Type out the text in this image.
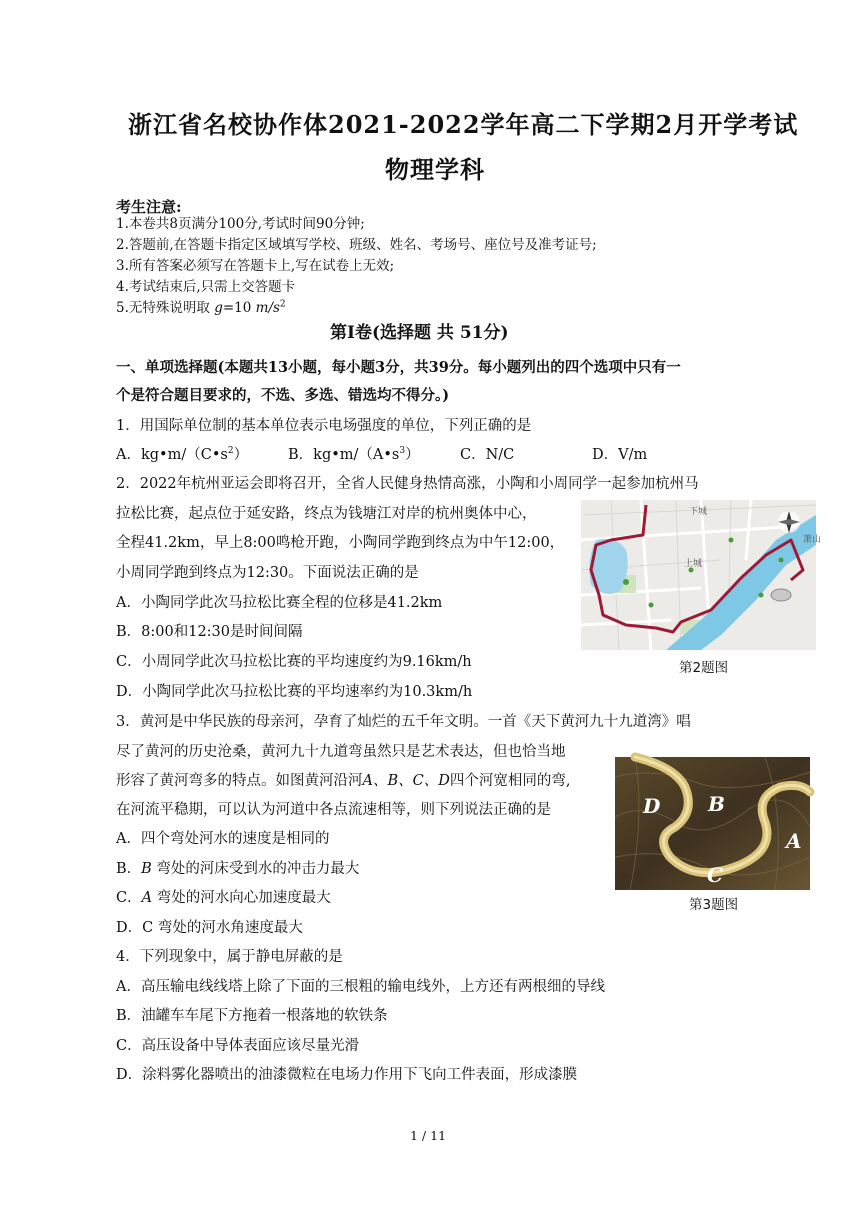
浙江省名校协作体2021-2022学年高二下学期2月开学考试
物理学科
考生注意:
1.本卷共8页满分100分,考试时间90分钟;
2.答题前,在答题卡指定区域填写学校、班级、姓名、考场号、座位号及准考证号;
3.所有答案必须写在答题卡上,写在试卷上无效;
4.考试结束后,只需上交答题卡
5.无特殊说明取 g=10 $m/s^2$
第Ⅰ卷(选择题 共 51分)
一、单项选择题(本题共13小题，每小题3分，共39分。每小题列出的四个选项中只有一
个是符合题目要求的，不选、多选、错选均不得分。)
1．用国际单位制的基本单位表示电场强度的单位，下列正确的是
A．$kg•m/(C•s^2)$	B．$kg•m/(A•s^3)$	C．N/C	D．V/m
2．2022年杭州亚运会即将召开，全省人民健身热情高涨，小陶和小周同学一起参加杭州马
拉松比赛，起点位于延安路，终点为钱塘江对岸的杭州奥体中心，
全程41.2km，早上8:00鸣枪开跑，小陶同学跑到终点为中午12:00，
小周同学跑到终点为12:30。下面说法正确的是
A．小陶同学此次马拉松比赛全程的位移是41.2km
B．8:00和12:30是时间间隔
C．小周同学此次马拉松比赛的平均速度约为9.16km/h
D．小陶同学此次马拉松比赛的平均速率约为10.3km/h
下城
上城
萧山
第2题图
3．黄河是中华民族的母亲河，孕育了灿烂的五千年文明。一首《天下黄河九十九道湾》唱
尽了黄河的历史沧桑，黄河九十九道弯虽然只是艺术表达，但也恰当地
形容了黄河弯多的特点。如图黄河沿河A、B、C、D四个河宽相同的弯,
在河流平稳期，可以认为河道中各点流速相等，则下列说法正确的是
A．四个弯处河水的速度是相同的
B．B 弯处的河床受到水的冲击力最大
C．A 弯处的河水向心加速度最大
D．C 弯处的河水角速度最大
D B
A
C
第3题图
4．下列现象中，属于静电屏蔽的是
A．高压输电线线塔上除了下面的三根粗的输电线外，上方还有两根细的导线
B．油罐车车尾下方拖着一根落地的软铁条
C．高压设备中导体表面应该尽量光滑
D．涂料雾化器喷出的油漆微粒在电场力作用下飞向工件表面，形成漆膜
1 / 11
